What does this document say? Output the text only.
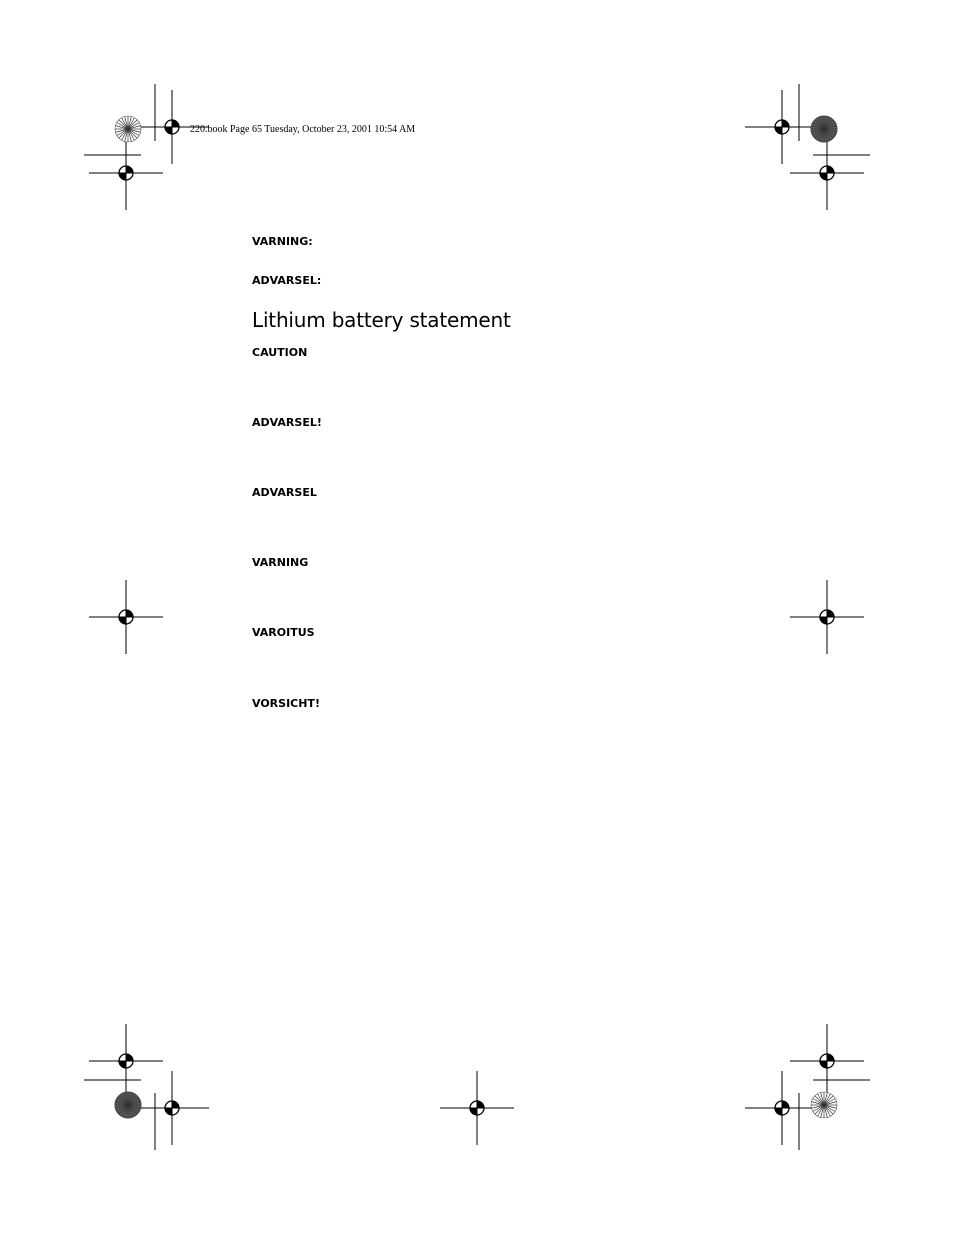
220.book Page 65 Tuesday, October 23, 2001 10:54 AM
VARNING:
ADVARSEL:
Lithium battery statement
CAUTION
ADVARSEL!
ADVARSEL
VARNING
VAROITUS
VORSICHT!
